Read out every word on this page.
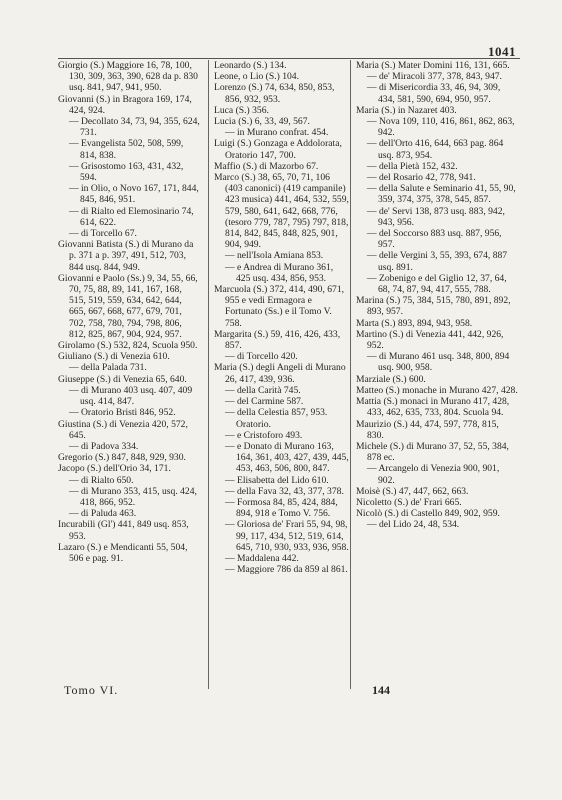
1041

Giorgio (S.) Maggiore 16, 78, 100, 130, 309, 363, 390, 628 da p. 830 usq. 841, 947, 941, 950.

Giovanni (S.) in Bragora 169, 174, 424, 924.

— Decollato 34, 73, 94, 355, 624, 731.

— Evangelista 502, 508, 599, 814, 838.

— Grisostomo 163, 431, 432, 594.

— in Olio, o Novo 167, 171, 844, 845, 846, 951.

— di Rialto ed Elemosinario 74, 614, 622.

— di Torcello 67.

Giovanni Batista (S.) di Murano da p. 371 a p. 397, 491, 512, 703, 844 usq. 844, 949.

Giovanni e Paolo (Ss.) 9, 34, 55, 66, 70, 75, 88, 89, 141, 167, 168, 515, 519, 559, 634, 642, 644, 665, 667, 668, 677, 679, 701, 702, 758, 780, 794, 798, 806, 812, 825, 867, 904, 924, 957.

Girolamo (S.) 532, 824, Scuola 950.

Giuliano (S.) di Venezia 610.

— della Palada 731.

Giuseppe (S.) di Venezia 65, 640.

— di Murano 403 usq. 407, 409 usq. 414, 847.

— Oratorio Bristi 846, 952.

Giustina (S.) di Venezia 420, 572, 645.

— di Padova 334.

Gregorio (S.) 847, 848, 929, 930.

Jacopo (S.) dell'Orio 34, 171.

— di Rialto 650.

— di Murano 353, 415, usq. 424, 418, 866, 952.

— di Paluda 463.

Incurabili (Gl') 441, 849 usq. 853, 953.

Lazaro (S.) e Mendicanti 55, 504, 506 e pag. 91.

Leonardo (S.) 134.

Leone, o Lio (S.) 104.

Lorenzo (S.) 74, 634, 850, 853, 856, 932, 953.

Luca (S.) 356.

Lucia (S.) 6, 33, 49, 567.

— in Murano confrat. 454.

Luigi (S.) Gonzaga e Addolorata, Oratorio 147, 700.

Maffio (S.) di Mazorbo 67.

Marco (S.) 38, 65, 70, 71, 106 (403 canonici) (419 campanile) 423 musica) 441, 464, 532, 559, 579, 580, 641, 642, 668, 776, (tesoro 779, 787, 795) 797, 818, 814, 842, 845, 848, 825, 901, 904, 949.

— nell'Isola Amiana 853.

— e Andrea di Murano 361, 425 usq. 434, 856, 953.

Marcuola (S.) 372, 414, 490, 671, 955 e vedi Ermagora e Fortunato (Ss.) e il Tomo V. 758.

Margarita (S.) 59, 416, 426, 433, 857.

— di Torcello 420.

Maria (S.) degli Angeli di Murano 26, 417, 439, 936.

— della Carità 745.

— del Carmine 587.

— della Celestia 857, 953. Oratorio.

— e Cristoforo 493.

— e Donato di Murano 163, 164, 361, 403, 427, 439, 445, 453, 463, 506, 800, 847.

— Elisabetta del Lido 610.

— della Fava 32, 43, 377, 378.

— Formosa 84, 85, 424, 884, 894, 918 e Tomo V. 756.

— Gloriosa de' Frari 55, 94, 98, 99, 117, 434, 512, 519, 614, 645, 710, 930, 933, 936, 958.

— Maddalena 442.

— Maggiore 786 da 859 al 861.

Maria (S.) Mater Domini 116, 131, 665.

— de' Miracoli 377, 378, 843, 947.

— di Misericordia 33, 46, 94, 309, 434, 581, 590, 694, 950, 957.

Maria (S.) in Nazaret 403.

— Nova 109, 110, 416, 861, 862, 863, 942.

— dell'Orto 416, 644, 663 pag. 864 usq. 873, 954.

— della Pietà 152, 432.

— del Rosario 42, 778, 941.

— della Salute e Seminario 41, 55, 90, 359, 374, 375, 378, 545, 857.

— de' Servi 138, 873 usq. 883, 942, 943, 956.

— del Soccorso 883 usq. 887, 956, 957.

— delle Vergini 3, 55, 393, 674, 887 usq. 891.

— Zobenigo e del Giglio 12, 37, 64, 68, 74, 87, 94, 417, 555, 788.

Marina (S.) 75, 384, 515, 780, 891, 892, 893, 957.

Marta (S.) 893, 894, 943, 958.

Martino (S.) di Venezia 441, 442, 926, 952.

— di Murano 461 usq. 348, 800, 894 usq. 900, 958.

Marziale (S.) 600.

Matteo (S.) monache in Murano 427, 428.

Mattia (S.) monaci in Murano 417, 428, 433, 462, 635, 733, 804. Scuola 94.

Maurizio (S.) 44, 474, 597, 778, 815, 830.

Michele (S.) di Murano 37, 52, 55, 384, 878 ec.

— Arcangelo di Venezia 900, 901, 902.

Moisè (S.) 47, 447, 662, 663.

Nicoletto (S.) de' Frari 665.

Nicolò (S.) di Castello 849, 902, 959.

— del Lido 24, 48, 534.

Tomo VI.	144
